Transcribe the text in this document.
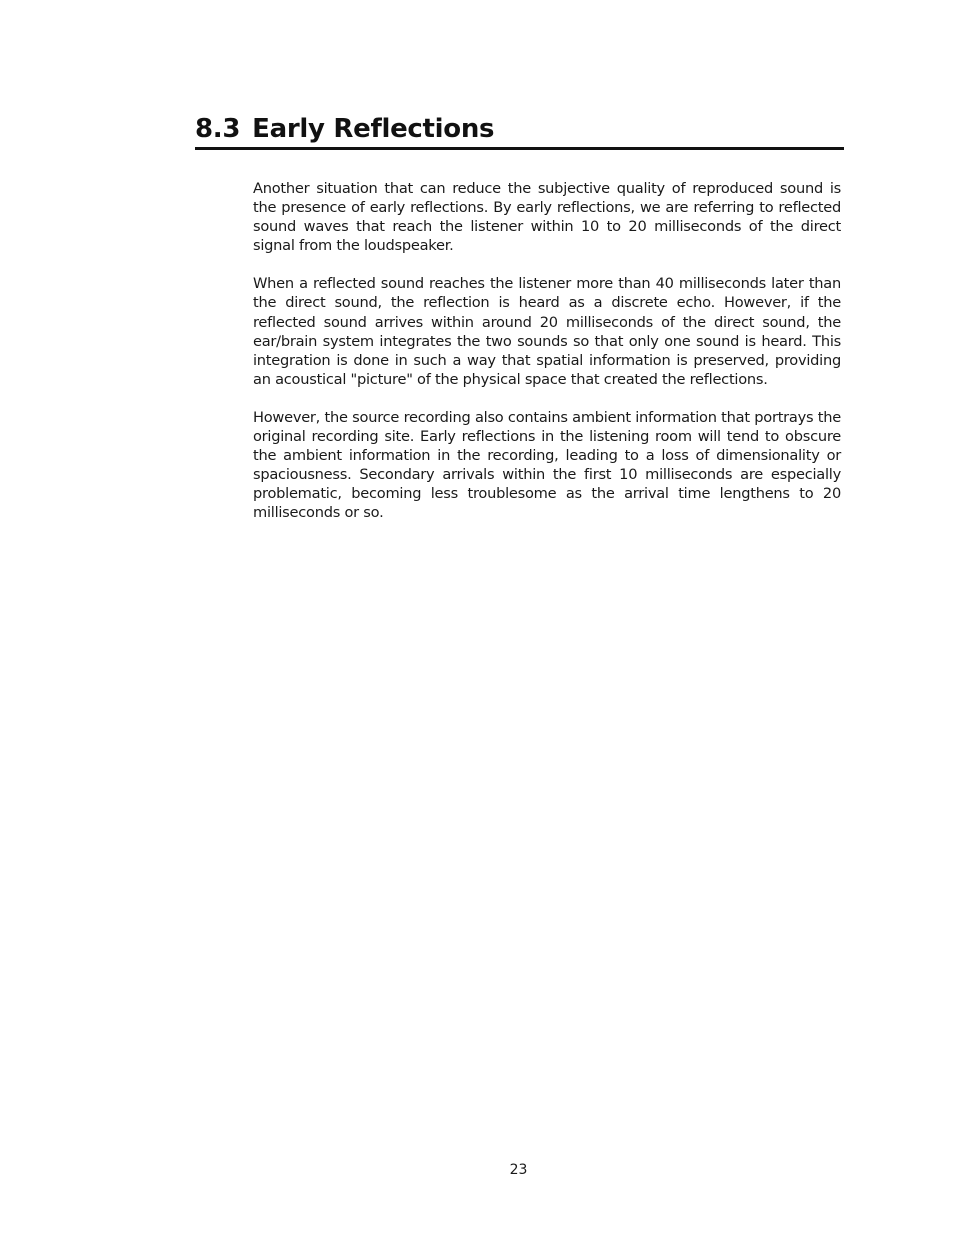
8.3 Early Reflections

Another situation that can reduce the subjective quality of reproduced sound is the presence of early reflections. By early reflections, we are referring to reflected sound waves that reach the listener within 10 to 20 milliseconds of the direct signal from the loudspeaker.

When a reflected sound reaches the listener more than 40 milliseconds later than the direct sound, the reflection is heard as a discrete echo. However, if the reflected sound arrives within around 20 milliseconds of the direct sound, the ear/brain system integrates the two sounds so that only one sound is heard. This integration is done in such a way that spatial information is preserved, providing an acoustical "picture" of the physical space that created the reflections.

However, the source recording also contains ambient information that portrays the original recording site. Early reflections in the listening room will tend to obscure the ambient information in the recording, leading to a loss of dimensionality or spaciousness. Secondary arrivals within the first 10 milliseconds are especially problematic, becoming less troublesome as the arrival time lengthens to 20 milliseconds or so.

23
